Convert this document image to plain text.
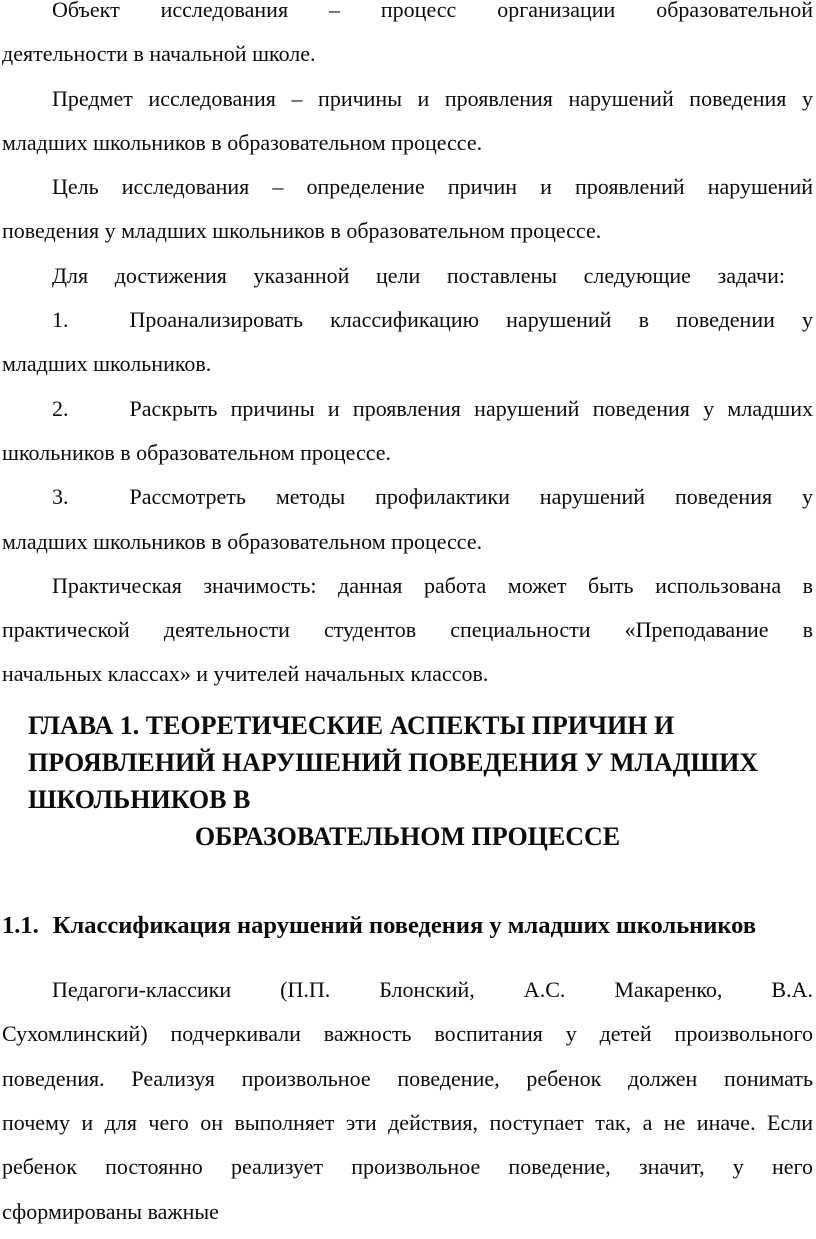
Объект исследования – процесс организации образовательной
деятельности в начальной школе.
Предмет исследования – причины и проявления нарушений поведения у
младших школьников в образовательном процессе.
Цель исследования – определение причин и проявлений нарушений
поведения у младших школьников в образовательном процессе.
Для достижения указанной цели поставлены следующие задачи:
1.	Проанализировать классификацию нарушений в поведении у
младших школьников.
2.	Раскрыть причины и проявления нарушений поведения у младших
школьников в образовательном процессе.
3.	Рассмотреть методы профилактики нарушений поведения у
младших школьников в образовательном процессе.
Практическая значимость: данная работа может быть использована в
практической деятельности студентов специальности «Преподавание в
начальных классах» и учителей начальных классов.
ГЛАВА 1. ТЕОРЕТИЧЕСКИЕ АСПЕКТЫ ПРИЧИН И
ПРОЯВЛЕНИЙ НАРУШЕНИЙ ПОВЕДЕНИЯ У МЛАДШИХ
ШКОЛЬНИКОВ В
ОБРАЗОВАТЕЛЬНОМ ПРОЦЕССЕ
1.1. Классификация нарушений поведения у младших школьников
Педагоги-классики (П.П. Блонский, А.С. Макаренко, В.А.
Сухомлинский) подчеркивали важность воспитания у детей произвольного
поведения. Реализуя произвольное поведение, ребенок должен понимать
почему и для чего он выполняет эти действия, поступает так, а не иначе. Если
ребенок постоянно реализует произвольное поведение, значит, у него
сформированы важные
